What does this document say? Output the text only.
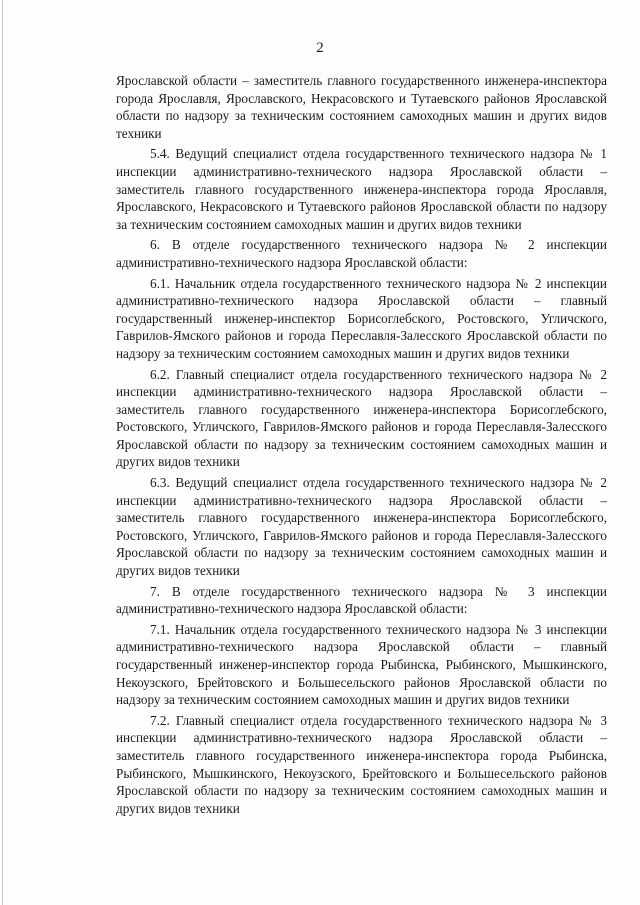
2

Ярославской области – заместитель главного государственного инженера-инспектора города Ярославля, Ярославского, Некрасовского и Тутаевского районов Ярославской области по надзору за техническим состоянием самоходных машин и других видов техники

5.4. Ведущий специалист отдела государственного технического надзора № 1 инспекции административно-технического надзора Ярославской области – заместитель главного государственного инженера-инспектора города Ярославля, Ярославского, Некрасовского и Тутаевского районов Ярославской области по надзору за техническим состоянием самоходных машин и других видов техники

6. В отделе государственного технического надзора № 2 инспекции административно-технического надзора Ярославской области:

6.1. Начальник отдела государственного технического надзора № 2 инспекции административно-технического надзора Ярославской области – главный государственный инженер-инспектор Борисоглебского, Ростовского, Угличского, Гаврилов-Ямского районов и города Переславля-Залесского Ярославской области по надзору за техническим состоянием самоходных машин и других видов техники

6.2. Главный специалист отдела государственного технического надзора № 2 инспекции административно-технического надзора Ярославской области – заместитель главного государственного инженера-инспектора Борисоглебского, Ростовского, Угличского, Гаврилов-Ямского районов и города Переславля-Залесского Ярославской области по надзору за техническим состоянием самоходных машин и других видов техники

6.3. Ведущий специалист отдела государственного технического надзора № 2 инспекции административно-технического надзора Ярославской области – заместитель главного государственного инженера-инспектора Борисоглебского, Ростовского, Угличского, Гаврилов-Ямского районов и города Переславля-Залесского Ярославской области по надзору за техническим состоянием самоходных машин и других видов техники

7. В отделе государственного технического надзора № 3 инспекции административно-технического надзора Ярославской области:

7.1. Начальник отдела государственного технического надзора № 3 инспекции административно-технического надзора Ярославской области – главный государственный инженер-инспектор города Рыбинска, Рыбинского, Мышкинского, Некоузского, Брейтовского и Большесельского районов Ярославской области по надзору за техническим состоянием самоходных машин и других видов техники

7.2. Главный специалист отдела государственного технического надзора № 3 инспекции административно-технического надзора Ярославской области – заместитель главного государственного инженера-инспектора города Рыбинска, Рыбинского, Мышкинского, Некоузского, Брейтовского и Большесельского районов Ярославской области по надзору за техническим состоянием самоходных машин и других видов техники
